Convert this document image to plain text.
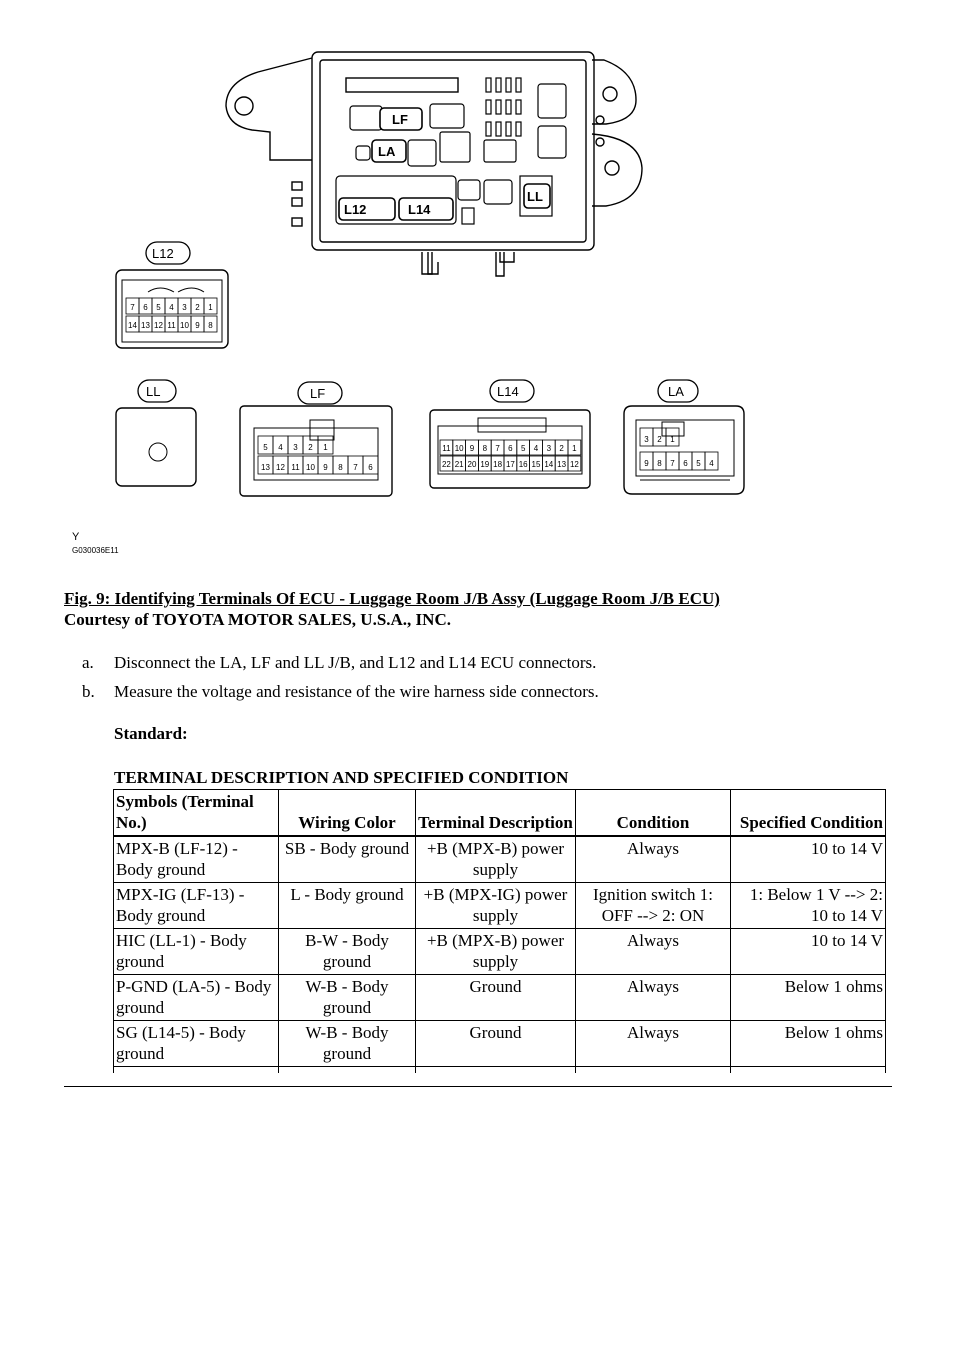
LF
LA
L12	L14
LL
L12
7 6 5 4 3 2 1
14 13 12 11 10 9 8
LL	LF
5 4 3 2 1
13 12 11 10 9 8 7 6
L14
11 10 9 8 7 6 5 4 3 2 1
22 21 20 19 18 17 16 15 14 13 12
LA
3 2 1
9 8 7 6 5 4
Y
G030036E11
Fig. 9: Identifying Terminals Of ECU - Luggage Room J/B Assy (Luggage Room J/B ECU)
Courtesy of TOYOTA MOTOR SALES, U.S.A., INC.
a. Disconnect the LA, LF and LL J/B, and L12 and L14 ECU connectors.
b. Measure the voltage and resistance of the wire harness side connectors.
Standard:
TERMINAL DESCRIPTION AND SPECIFIED CONDITION
Symbols (Terminal No.)	Wiring Color	Terminal Description	Condition	Specified Condition
MPX-B (LF-12) - Body ground	SB - Body ground	+B (MPX-B) power supply	Always	10 to 14 V
MPX-IG (LF-13) - Body ground	L - Body ground	+B (MPX-IG) power supply	Ignition switch 1: OFF --> 2: ON	1: Below 1 V --> 2: 10 to 14 V
HIC (LL-1) - Body ground	B-W - Body ground	+B (MPX-B) power supply	Always	10 to 14 V
P-GND (LA-5) - Body ground	W-B - Body ground	Ground	Always	Below 1 ohms
SG (L14-5) - Body ground	W-B - Body ground	Ground	Always	Below 1 ohms
